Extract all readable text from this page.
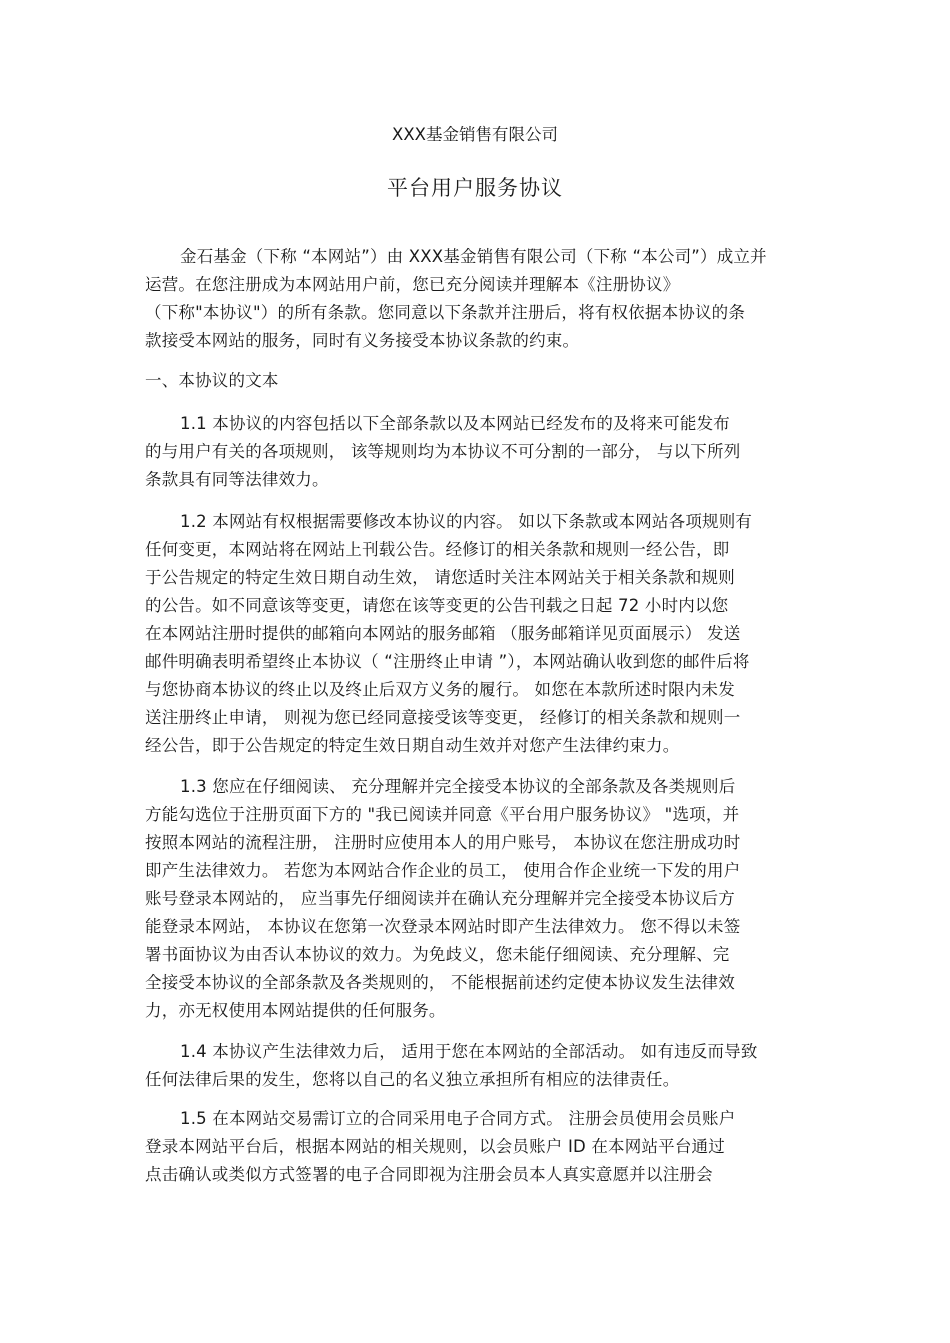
XXX基金销售有限公司
平台用户服务协议
金石基金（下称 “本网站”）由 XXX基金销售有限公司（下称 “本公司”）成立并
运营。在您注册成为本网站用户前，您已充分阅读并理解本《注册协议》
（下称"本协议"）的所有条款。您同意以下条款并注册后，将有权依据本协议的条
款接受本网站的服务，同时有义务接受本协议条款的约束。
一、本协议的文本
1.1 本协议的内容包括以下全部条款以及本网站已经发布的及将来可能发布
的与用户有关的各项规则， 该等规则均为本协议不可分割的一部分， 与以下所列
条款具有同等法律效力。
1.2 本网站有权根据需要修改本协议的内容。 如以下条款或本网站各项规则有
任何变更，本网站将在网站上刊载公告。经修订的相关条款和规则一经公告，即
于公告规定的特定生效日期自动生效， 请您适时关注本网站关于相关条款和规则
的公告。如不同意该等变更，请您在该等变更的公告刊载之日起 72 小时内以您
在本网站注册时提供的邮箱向本网站的服务邮箱 （服务邮箱详见页面展示） 发送
邮件明确表明希望终止本协议（ “注册终止申请 ”），本网站确认收到您的邮件后将
与您协商本协议的终止以及终止后双方义务的履行。 如您在本款所述时限内未发
送注册终止申请， 则视为您已经同意接受该等变更， 经修订的相关条款和规则一
经公告，即于公告规定的特定生效日期自动生效并对您产生法律约束力。
1.3 您应在仔细阅读、 充分理解并完全接受本协议的全部条款及各类规则后
方能勾选位于注册页面下方的 "我已阅读并同意《平台用户服务协议》 "选项，并
按照本网站的流程注册， 注册时应使用本人的用户账号， 本协议在您注册成功时
即产生法律效力。 若您为本网站合作企业的员工， 使用合作企业统一下发的用户
账号登录本网站的， 应当事先仔细阅读并在确认充分理解并完全接受本协议后方
能登录本网站， 本协议在您第一次登录本网站时即产生法律效力。 您不得以未签
署书面协议为由否认本协议的效力。为免歧义，您未能仔细阅读、充分理解、完
全接受本协议的全部条款及各类规则的， 不能根据前述约定使本协议发生法律效
力，亦无权使用本网站提供的任何服务。
1.4 本协议产生法律效力后， 适用于您在本网站的全部活动。 如有违反而导致
任何法律后果的发生，您将以自己的名义独立承担所有相应的法律责任。
1.5 在本网站交易需订立的合同采用电子合同方式。 注册会员使用会员账户
登录本网站平台后，根据本网站的相关规则，以会员账户 ID 在本网站平台通过
点击确认或类似方式签署的电子合同即视为注册会员本人真实意愿并以注册会
